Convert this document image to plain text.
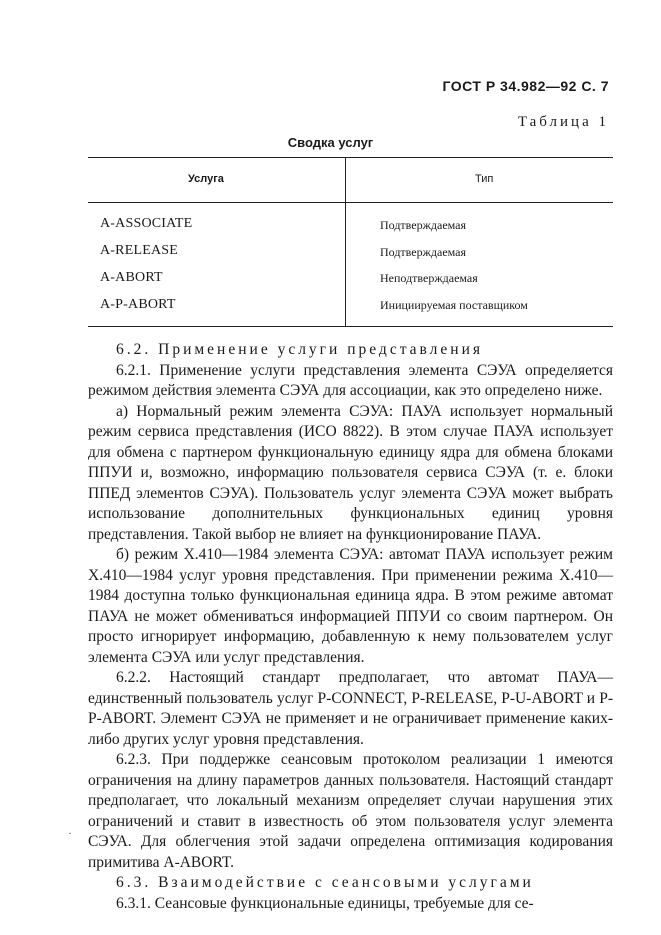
ГОСТ Р 34.982—92 С. 7
Таблица 1
Сводка услуг
Услуга	Тип
A-ASSOCIATE	Подтверждаемая
A-RELEASE	Подтверждаемая
A-ABORT	Неподтверждаемая
A-P-ABORT	Инициируемая поставщиком

6.2. Применение услуги представления

6.2.1. Применение услуги представления элемента СЭУА определяется режимом действия элемента СЭУА для ассоциации, как это определено ниже.

а) Нормальный режим элемента СЭУА: ПАУА использует нормальный режим сервиса представления (ИСО 8822). В этом случае ПАУА использует для обмена с партнером функциональную единицу ядра для обмена блоками ППУИ и, возможно, информацию пользователя сервиса СЭУА (т. е. блоки ППЕД элементов СЭУА). Пользователь услуг элемента СЭУА может выбрать использование дополнительных функциональных единиц уровня представления. Такой выбор не влияет на функционирование ПАУА.

б) режим X.410—1984 элемента СЭУА: автомат ПАУА использует режим X.410—1984 услуг уровня представления. При применении режима X.410—1984 доступна только функциональная единица ядра. В этом режиме автомат ПАУА не может обмениваться информацией ППУИ со своим партнером. Он просто игнорирует информацию, добавленную к нему пользователем услуг элемента СЭУА или услуг представления.

6.2.2. Настоящий стандарт предполагает, что автомат ПАУА— единственный пользователь услуг P-CONNECT, P-RELEASE, P-U-ABORT и P-P-ABORT. Элемент СЭУА не применяет и не ограничивает применение каких-либо других услуг уровня представления.

6.2.3. При поддержке сеансовым протоколом реализации 1 имеются ограничения на длину параметров данных пользователя. Настоящий стандарт предполагает, что локальный механизм определяет случаи нарушения этих ограничений и ставит в известность об этом пользователя услуг элемента СЭУА. Для облегчения этой задачи определена оптимизация кодирования примитива A-ABORT.

6.3. Взаимодействие с сеансовыми услугами

6.3.1. Сеансовые функциональные единицы, требуемые для се-

·
